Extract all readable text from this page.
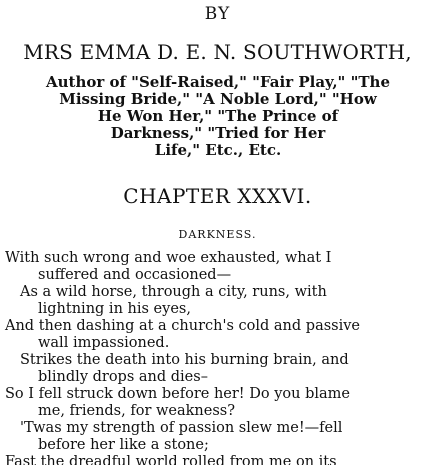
BY
MRS EMMA D. E. N. SOUTHWORTH,
Author of "Self-Raised," "Fair Play," "The
Missing Bride," "A Noble Lord," "How
He Won Her," "The Prince of
Darkness," "Tried for Her
Life," Etc., Etc.
CHAPTER XXXVI.
DARKNESS.
With such wrong and woe exhausted, what I
suffered and occasioned—
As a wild horse, through a city, runs, with
lightning in his eyes,
And then dashing at a church's cold and passive
wall impassioned.
Strikes the death into his burning brain, and
blindly drops and dies–
So I fell struck down before her! Do you blame
me, friends, for weakness?
'Twas my strength of passion slew me!—fell
before her like a stone;
Fast the dreadful world rolled from me on its
